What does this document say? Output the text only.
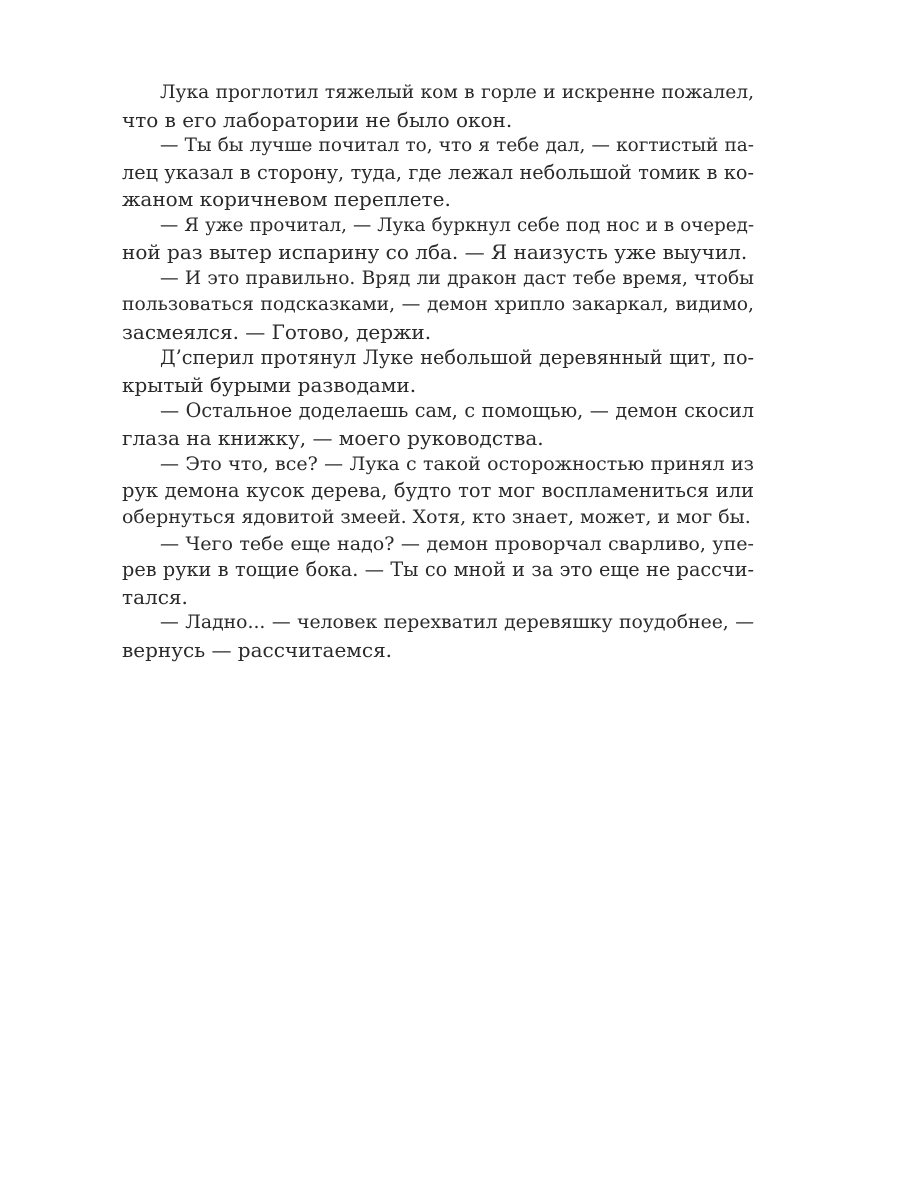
Лука проглотил тяжелый ком в горле и искренне пожалел,
что в его лаборатории не было окон.

— Ты бы лучше почитал то, что я тебе дал, — когтистый па-
лец указал в сторону, туда, где лежал небольшой томик в ко-
жаном коричневом переплете.

— Я уже прочитал, — Лука буркнул себе под нос и в очеред-
ной раз вытер испарину со лба. — Я наизусть уже выучил.

— И это правильно. Вряд ли дракон даст тебе время, чтобы
пользоваться подсказками, — демон хрипло закаркал, видимо,
засмеялся. — Готово, держи.

Д’сперил протянул Луке небольшой деревянный щит, по-
крытый бурыми разводами.

— Остальное доделаешь сам, с помощью, — демон скосил
глаза на книжку, — моего руководства.

— Это что, все? — Лука с такой осторожностью принял из
рук демона кусок дерева, будто тот мог воспламениться или
обернуться ядовитой змеей. Хотя, кто знает, может, и мог бы.

— Чего тебе еще надо? — демон проворчал сварливо, упе-
рев руки в тощие бока. — Ты со мной и за это еще не рассчи-
тался.

— Ладно... — человек перехватил деревяшку поудобнее, —
вернусь — рассчитаемся.
